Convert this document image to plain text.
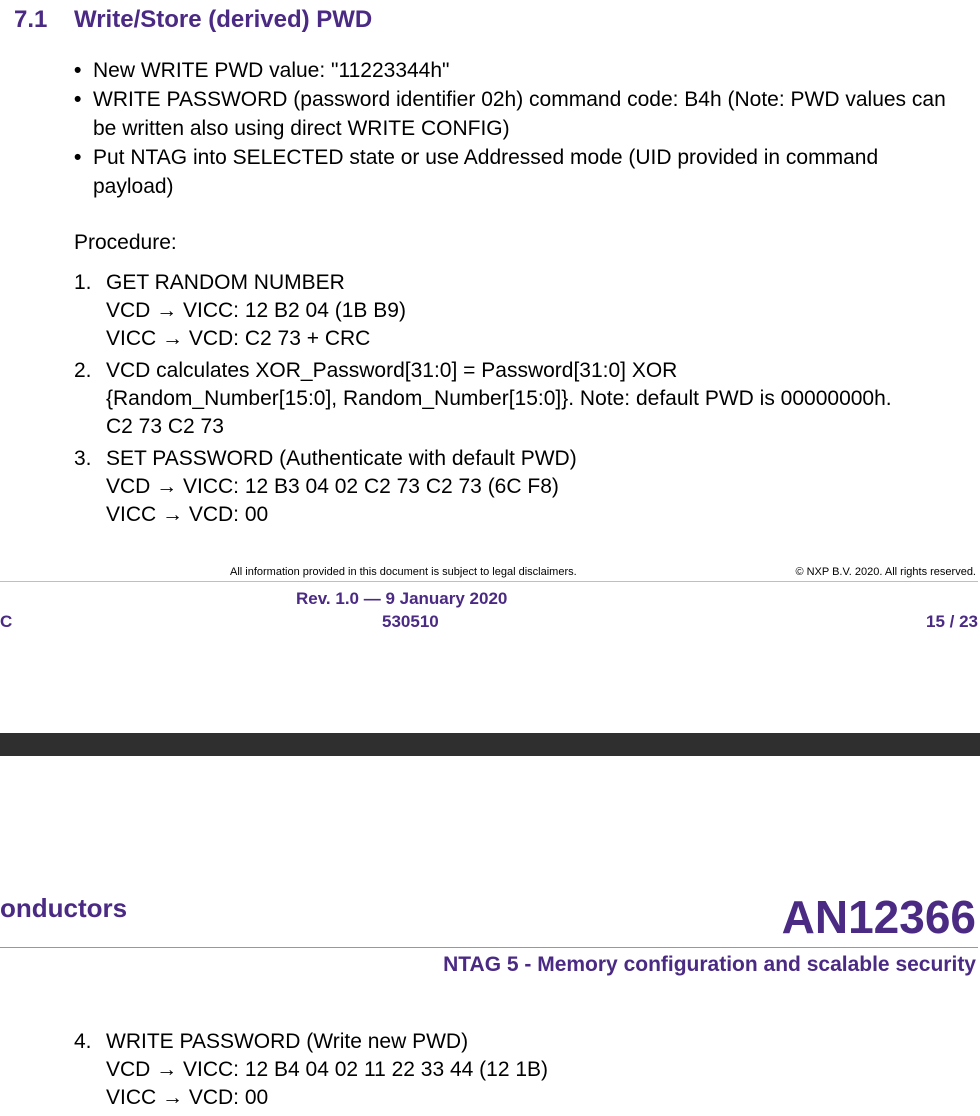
7.1 Write/Store (derived) PWD
• New WRITE PWD value: "11223344h"
• WRITE PASSWORD (password identifier 02h) command code: B4h (Note: PWD values can be written also using direct WRITE CONFIG)
• Put NTAG into SELECTED state or use Addressed mode (UID provided in command payload)
Procedure:
1. GET RANDOM NUMBER
VCD → VICC: 12 B2 04 (1B B9)
VICC → VCD: C2 73 + CRC
2. VCD calculates XOR_Password[31:0] = Password[31:0] XOR
{Random_Number[15:0], Random_Number[15:0]}. Note: default PWD is 00000000h.
C2 73 C2 73
3. SET PASSWORD (Authenticate with default PWD)
VCD → VICC: 12 B3 04 02 C2 73 C2 73 (6C F8)
VICC → VCD: 00
All information provided in this document is subject to legal disclaimers.	© NXP B.V. 2020. All rights reserved.
Rev. 1.0 — 9 January 2020
C	530510	15 / 23
onductors	AN12366
NTAG 5 - Memory configuration and scalable security
4. WRITE PASSWORD (Write new PWD)
VCD → VICC: 12 B4 04 02 11 22 33 44 (12 1B)
VICC → VCD: 00
